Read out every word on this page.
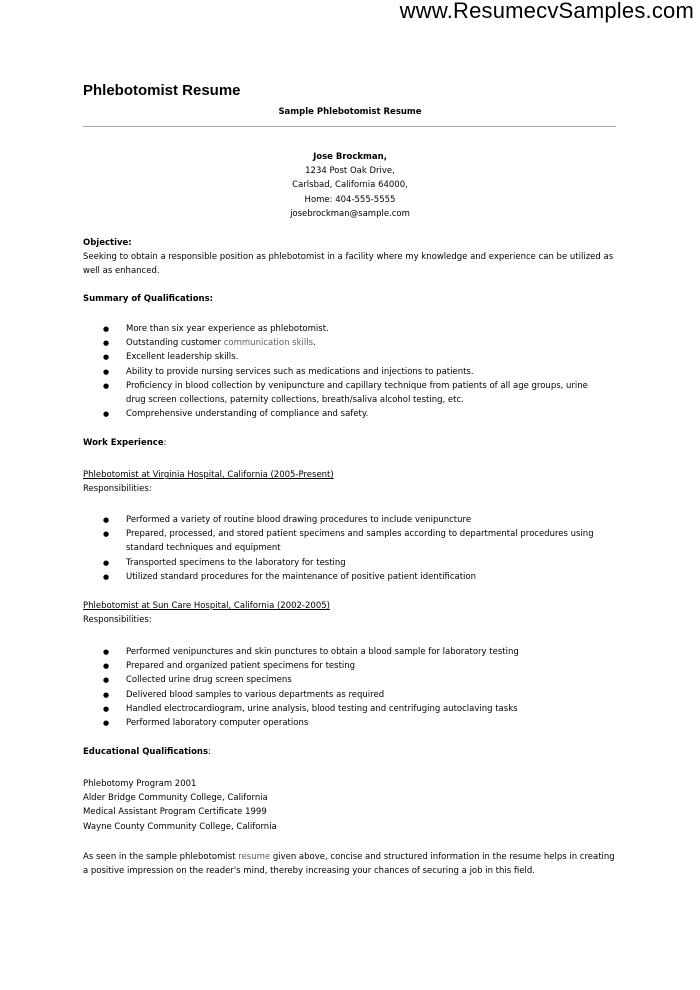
www.ResumecvSamples.com
Phlebotomist Resume
Sample Phlebotomist Resume
Jose Brockman,
1234 Post Oak Drive,
Carlsbad, California 64000,
Home: 404-555-5555
josebrockman@sample.com
Objective:
Seeking to obtain a responsible position as phlebotomist in a facility where my knowledge and experience can be utilized as well as enhanced.
Summary of Qualifications:
● More than six year experience as phlebotomist.
● Outstanding customer communication skills.
● Excellent leadership skills.
● Ability to provide nursing services such as medications and injections to patients.
● Proficiency in blood collection by venipuncture and capillary technique from patients of all age groups, urine drug screen collections, paternity collections, breath/saliva alcohol testing, etc.
● Comprehensive understanding of compliance and safety.
Work Experience:
Phlebotomist at Virginia Hospital, California (2005-Present)
Responsibilities:
● Performed a variety of routine blood drawing procedures to include venipuncture
● Prepared, processed, and stored patient specimens and samples according to departmental procedures using standard techniques and equipment
● Transported specimens to the laboratory for testing
● Utilized standard procedures for the maintenance of positive patient identification
Phlebotomist at Sun Care Hospital, California (2002-2005)
Responsibilities:
● Performed venipunctures and skin punctures to obtain a blood sample for laboratory testing
● Prepared and organized patient specimens for testing
● Collected urine drug screen specimens
● Delivered blood samples to various departments as required
● Handled electrocardiogram, urine analysis, blood testing and centrifuging autoclaving tasks
● Performed laboratory computer operations
Educational Qualifications:
Phlebotomy Program 2001
Alder Bridge Community College, California
Medical Assistant Program Certificate 1999
Wayne County Community College, California
As seen in the sample phlebotomist resume given above, concise and structured information in the resume helps in creating a positive impression on the reader's mind, thereby increasing your chances of securing a job in this field.
